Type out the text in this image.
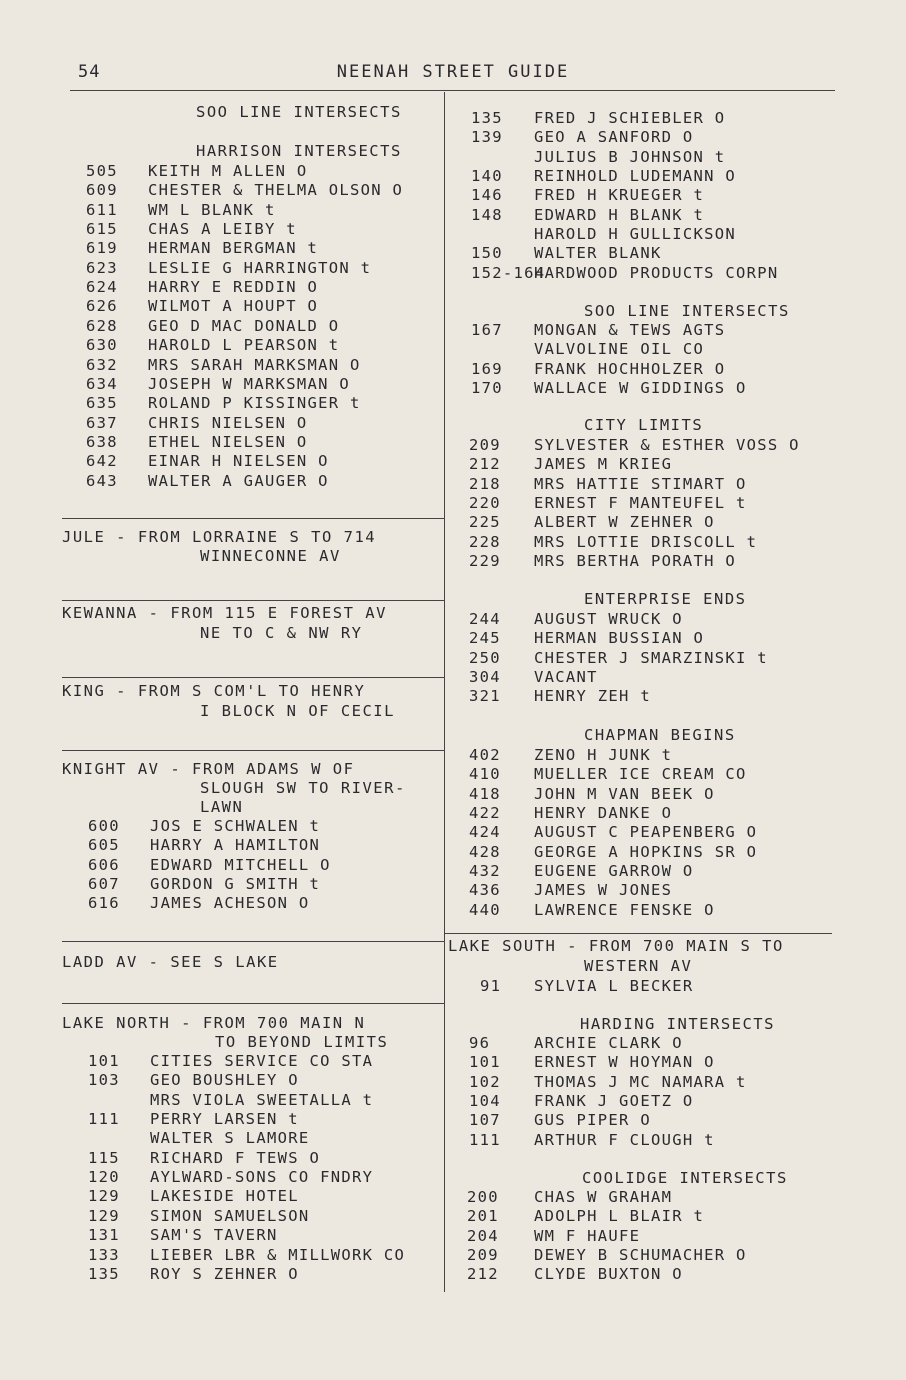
54	NEENAH STREET GUIDE
SOO LINE INTERSECTS
HARRISON INTERSECTS
505 KEITH M ALLEN O
609 CHESTER & THELMA OLSON O
611 WM L BLANK t
615 CHAS A LEIBY t
619 HERMAN BERGMAN t
623 LESLIE G HARRINGTON t
624 HARRY E REDDIN O
626 WILMOT A HOUPT O
628 GEO D MAC DONALD O
630 HAROLD L PEARSON t
632 MRS SARAH MARKSMAN O
634 JOSEPH W MARKSMAN O
635 ROLAND P KISSINGER t
637 CHRIS NIELSEN O
638 ETHEL NIELSEN O
642 EINAR H NIELSEN O
643 WALTER A GAUGER O
JULE - FROM LORRAINE S TO 714
WINNECONNE AV
KEWANNA - FROM 115 E FOREST AV
NE TO C & NW RY
KING - FROM S COM'L TO HENRY
I BLOCK N OF CECIL
KNIGHT AV - FROM ADAMS W OF
SLOUGH SW TO RIVER-
LAWN
600 JOS E SCHWALEN t
605 HARRY A HAMILTON
606 EDWARD MITCHELL O
607 GORDON G SMITH t
616 JAMES ACHESON O
LADD AV - SEE S LAKE
LAKE NORTH - FROM 700 MAIN N
TO BEYOND LIMITS
101 CITIES SERVICE CO STA
103 GEO BOUSHLEY O
MRS VIOLA SWEETALLA t
111 PERRY LARSEN t
WALTER S LAMORE
115 RICHARD F TEWS O
120 AYLWARD-SONS CO FNDRY
129 LAKESIDE HOTEL
129 SIMON SAMUELSON
131 SAM'S TAVERN
133 LIEBER LBR & MILLWORK CO
135 ROY S ZEHNER O
135 FRED J SCHIEBLER O
139 GEO A SANFORD O
JULIUS B JOHNSON t
140 REINHOLD LUDEMANN O
146 FRED H KRUEGER t
148 EDWARD H BLANK t
HAROLD H GULLICKSON
150 WALTER BLANK
152-164
HARDWOOD PRODUCTS CORPN
SOO LINE INTERSECTS
167 MONGAN & TEWS AGTS
VALVOLINE OIL CO
169 FRANK HOCHHOLZER O
170 WALLACE W GIDDINGS O
CITY LIMITS
209 SYLVESTER & ESTHER VOSS O
212 JAMES M KRIEG
218 MRS HATTIE STIMART O
220 ERNEST F MANTEUFEL t
225 ALBERT W ZEHNER O
228 MRS LOTTIE DRISCOLL t
229 MRS BERTHA PORATH O
ENTERPRISE ENDS
244 AUGUST WRUCK O
245 HERMAN BUSSIAN O
250 CHESTER J SMARZINSKI t
304 VACANT
321 HENRY ZEH t
CHAPMAN BEGINS
402 ZENO H JUNK t
410 MUELLER ICE CREAM CO
418 JOHN M VAN BEEK O
422 HENRY DANKE O
424 AUGUST C PEAPENBERG O
428 GEORGE A HOPKINS SR O
432 EUGENE GARROW O
436 JAMES W JONES
440 LAWRENCE FENSKE O
LAKE SOUTH - FROM 700 MAIN S TO
WESTERN AV
91 SYLVIA L BECKER
HARDING INTERSECTS
96	ARCHIE CLARK O
101 ERNEST W HOYMAN O
102 THOMAS J MC NAMARA t
104 FRANK J GOETZ O
107 GUS PIPER O
111 ARTHUR F CLOUGH t
COOLIDGE INTERSECTS
200 CHAS W GRAHAM
201 ADOLPH L BLAIR t
204 WM F HAUFE
209 DEWEY B SCHUMACHER O
212 CLYDE BUXTON O
